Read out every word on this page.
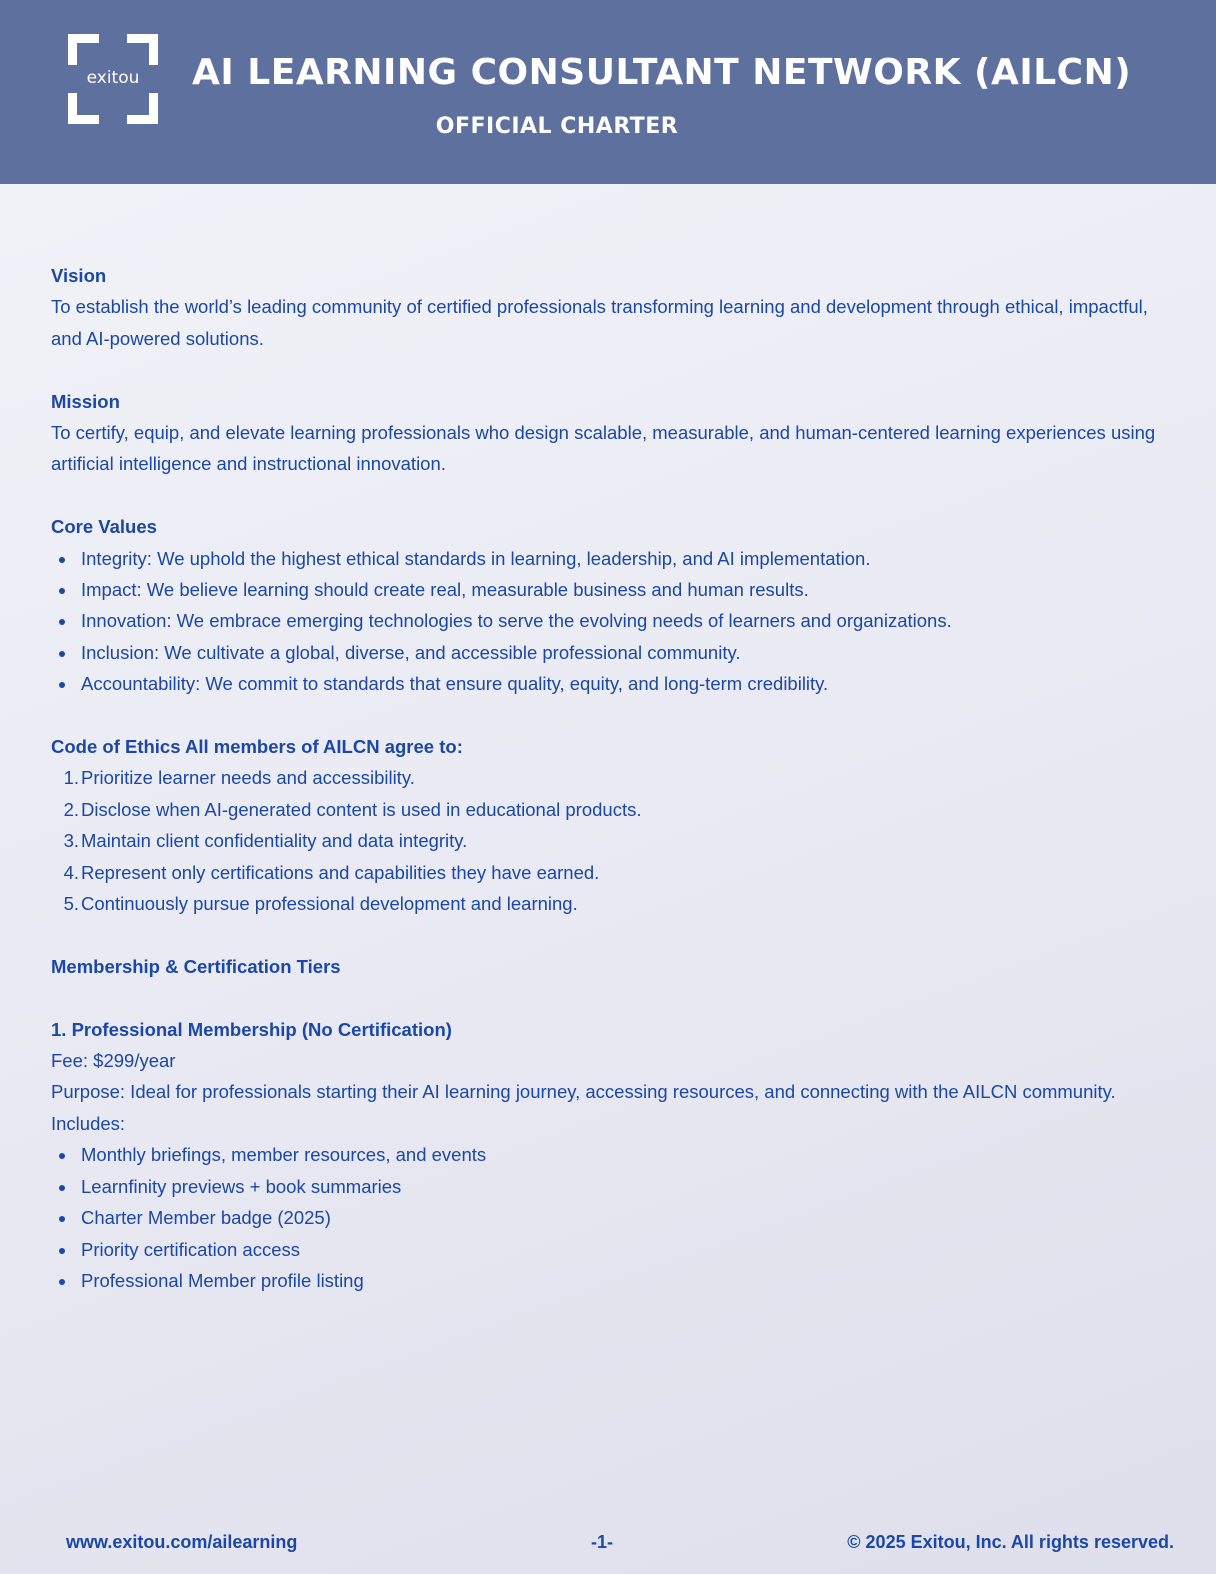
exitou	AI LEARNING CONSULTANT NETWORK (AILCN)
OFFICIAL CHARTER
Vision

To establish the world’s leading community of certified professionals transforming learning and development through ethical, impactful, and AI-powered solutions.

Mission

To certify, equip, and elevate learning professionals who design scalable, measurable, and human-centered learning experiences using artificial intelligence and instructional innovation.

Core Values
Integrity: We uphold the highest ethical standards in learning, leadership, and AI implementation.
Impact: We believe learning should create real, measurable business and human results.
Innovation: We embrace emerging technologies to serve the evolving needs of learners and organizations.
Inclusion: We cultivate a global, diverse, and accessible professional community.
Accountability: We commit to standards that ensure quality, equity, and long-term credibility.
Code of Ethics All members of AILCN agree to:
1. Prioritize learner needs and accessibility.
2. Disclose when AI-generated content is used in educational products.
3. Maintain client confidentiality and data integrity.
4. Represent only certifications and capabilities they have earned.
5. Continuously pursue professional development and learning.
Membership & Certification Tiers
1. Professional Membership (No Certification)
Fee: $299/year

Purpose: Ideal for professionals starting their AI learning journey, accessing resources, and connecting with the AILCN community.

Includes:
Monthly briefings, member resources, and events
Learnfinity previews + book summaries
Charter Member badge (2025)
Priority certification access
Professional Member profile listing
www.exitou.com/ailearning	-1-	© 2025 Exitou, Inc. All rights reserved.
